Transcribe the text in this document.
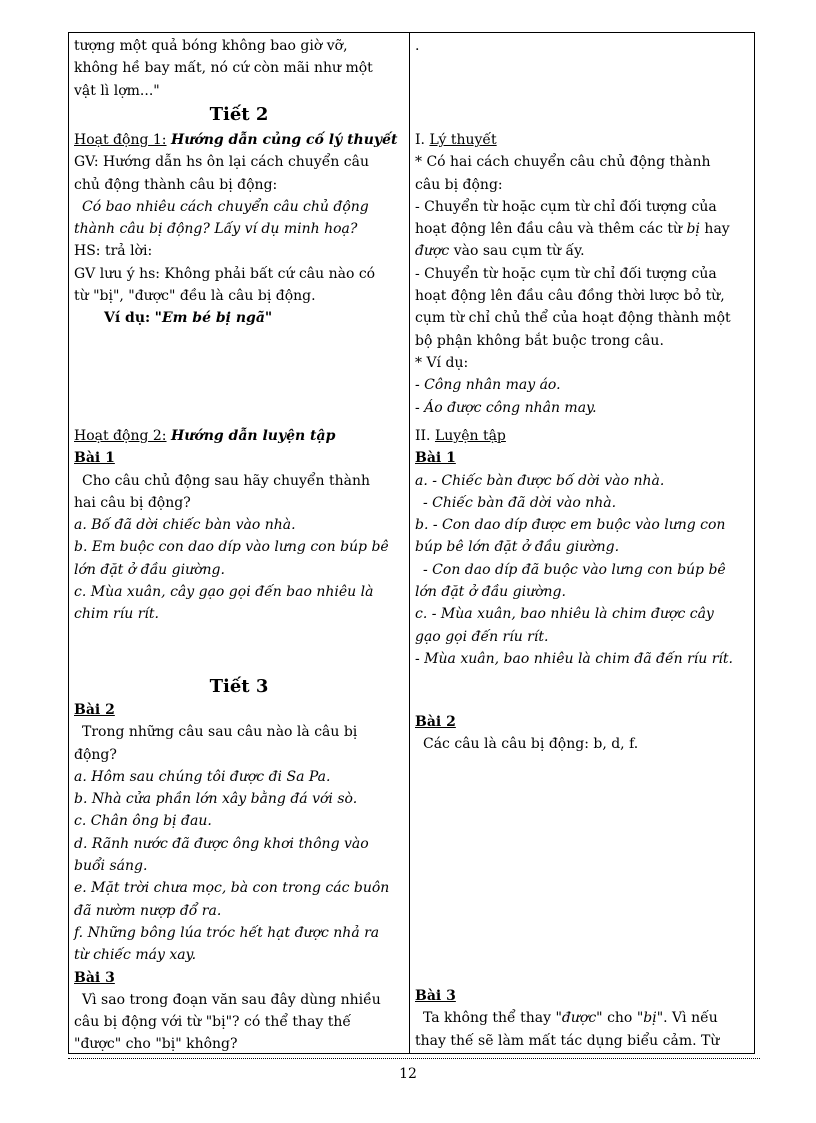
tượng một quả bóng không bao giờ vỡ,
không hề bay mất, nó cứ còn mãi như một
vật lì lợm..."
Tiết 2
Hoạt động 1: Hướng dẫn củng cố lý thuyết
GV: Hướng dẫn hs ôn lại cách chuyển câu
chủ động thành câu bị động:
Có bao nhiêu cách chuyển câu chủ động
thành câu bị động? Lấy ví dụ minh hoạ?
HS: trả lời:
GV lưu ý hs: Không phải bất cứ câu nào có
từ "bị", "được" đều là câu bị động.
Ví dụ: "Em bé bị ngã"
Hoạt động 2: Hướng dẫn luyện tập
Bài 1
Cho câu chủ động sau hãy chuyển thành
hai câu bị động?
a. Bố đã dời chiếc bàn vào nhà.
b. Em buộc con dao díp vào lưng con búp bê
lớn đặt ở đầu giường.
c. Mùa xuân, cây gạo gọi đến bao nhiêu là
chim ríu rít.
Tiết 3
Bài 2
Trong những câu sau câu nào là câu bị
động?
a. Hôm sau chúng tôi được đi Sa Pa.
b. Nhà cửa phần lớn xây bằng đá với sò.
c. Chân ông bị đau.
d. Rãnh nước đã được ông khơi thông vào
buổi sáng.
e. Mặt trời chưa mọc, bà con trong các buôn
đã nườm nượp đổ ra.
f. Những bông lúa tróc hết hạt được nhả ra
từ chiếc máy xay.
Bài 3
Vì sao trong đoạn văn sau đây dùng nhiều
câu bị động với từ "bị"? có thể thay thế
"được" cho "bị" không?
.
I. Lý thuyết
* Có hai cách chuyển câu chủ động thành
câu bị động:
- Chuyển từ hoặc cụm từ chỉ đối tượng của
hoạt động lên đầu câu và thêm các từ bị hay
được vào sau cụm từ ấy.
- Chuyển từ hoặc cụm từ chỉ đối tượng của
hoạt động lên đầu câu đồng thời lược bỏ từ,
cụm từ chỉ chủ thể của hoạt động thành một
bộ phận không bắt buộc trong câu.
* Ví dụ:
- Công nhân may áo.
- Áo được công nhân may.
II. Luyện tập
Bài 1
a. - Chiếc bàn được bố dời vào nhà.
- Chiếc bàn đã dời vào nhà.
b. - Con dao díp được em buộc vào lưng con
búp bê lớn đặt ở đầu giường.
- Con dao díp đã buộc vào lưng con búp bê
lớn đặt ở đầu giường.
c. - Mùa xuân, bao nhiêu là chim được cây
gạo gọi đến ríu rít.
- Mùa xuân, bao nhiêu là chim đã đến ríu rít.
Bài 2
Các câu là câu bị động: b, d, f.
Bài 3
Ta không thể thay "được" cho "bị". Vì nếu
thay thế sẽ làm mất tác dụng biểu cảm. Từ
12
